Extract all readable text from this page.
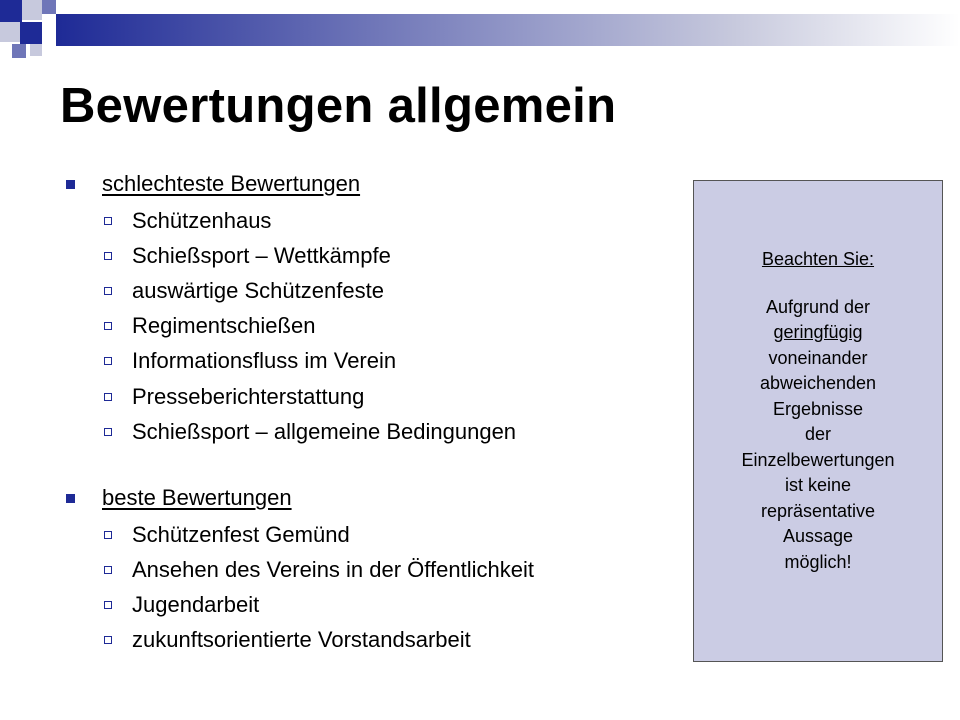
Bewertungen allgemein
schlechteste Bewertungen
Schützenhaus
Schießsport – Wettkämpfe
auswärtige Schützenfeste
Regimentschießen
Informationsfluss im Verein
Presseberichterstattung
Schießsport – allgemeine Bedingungen
beste Bewertungen
Schützenfest Gemünd
Ansehen des Vereins in der Öffentlichkeit
Jugendarbeit
zukunftsorientierte Vorstandsarbeit
Beachten Sie:
Aufgrund der
geringfügig
voneinander
abweichenden
Ergebnisse
der
Einzelbewertungen
ist keine
repräsentative
Aussage
möglich!
